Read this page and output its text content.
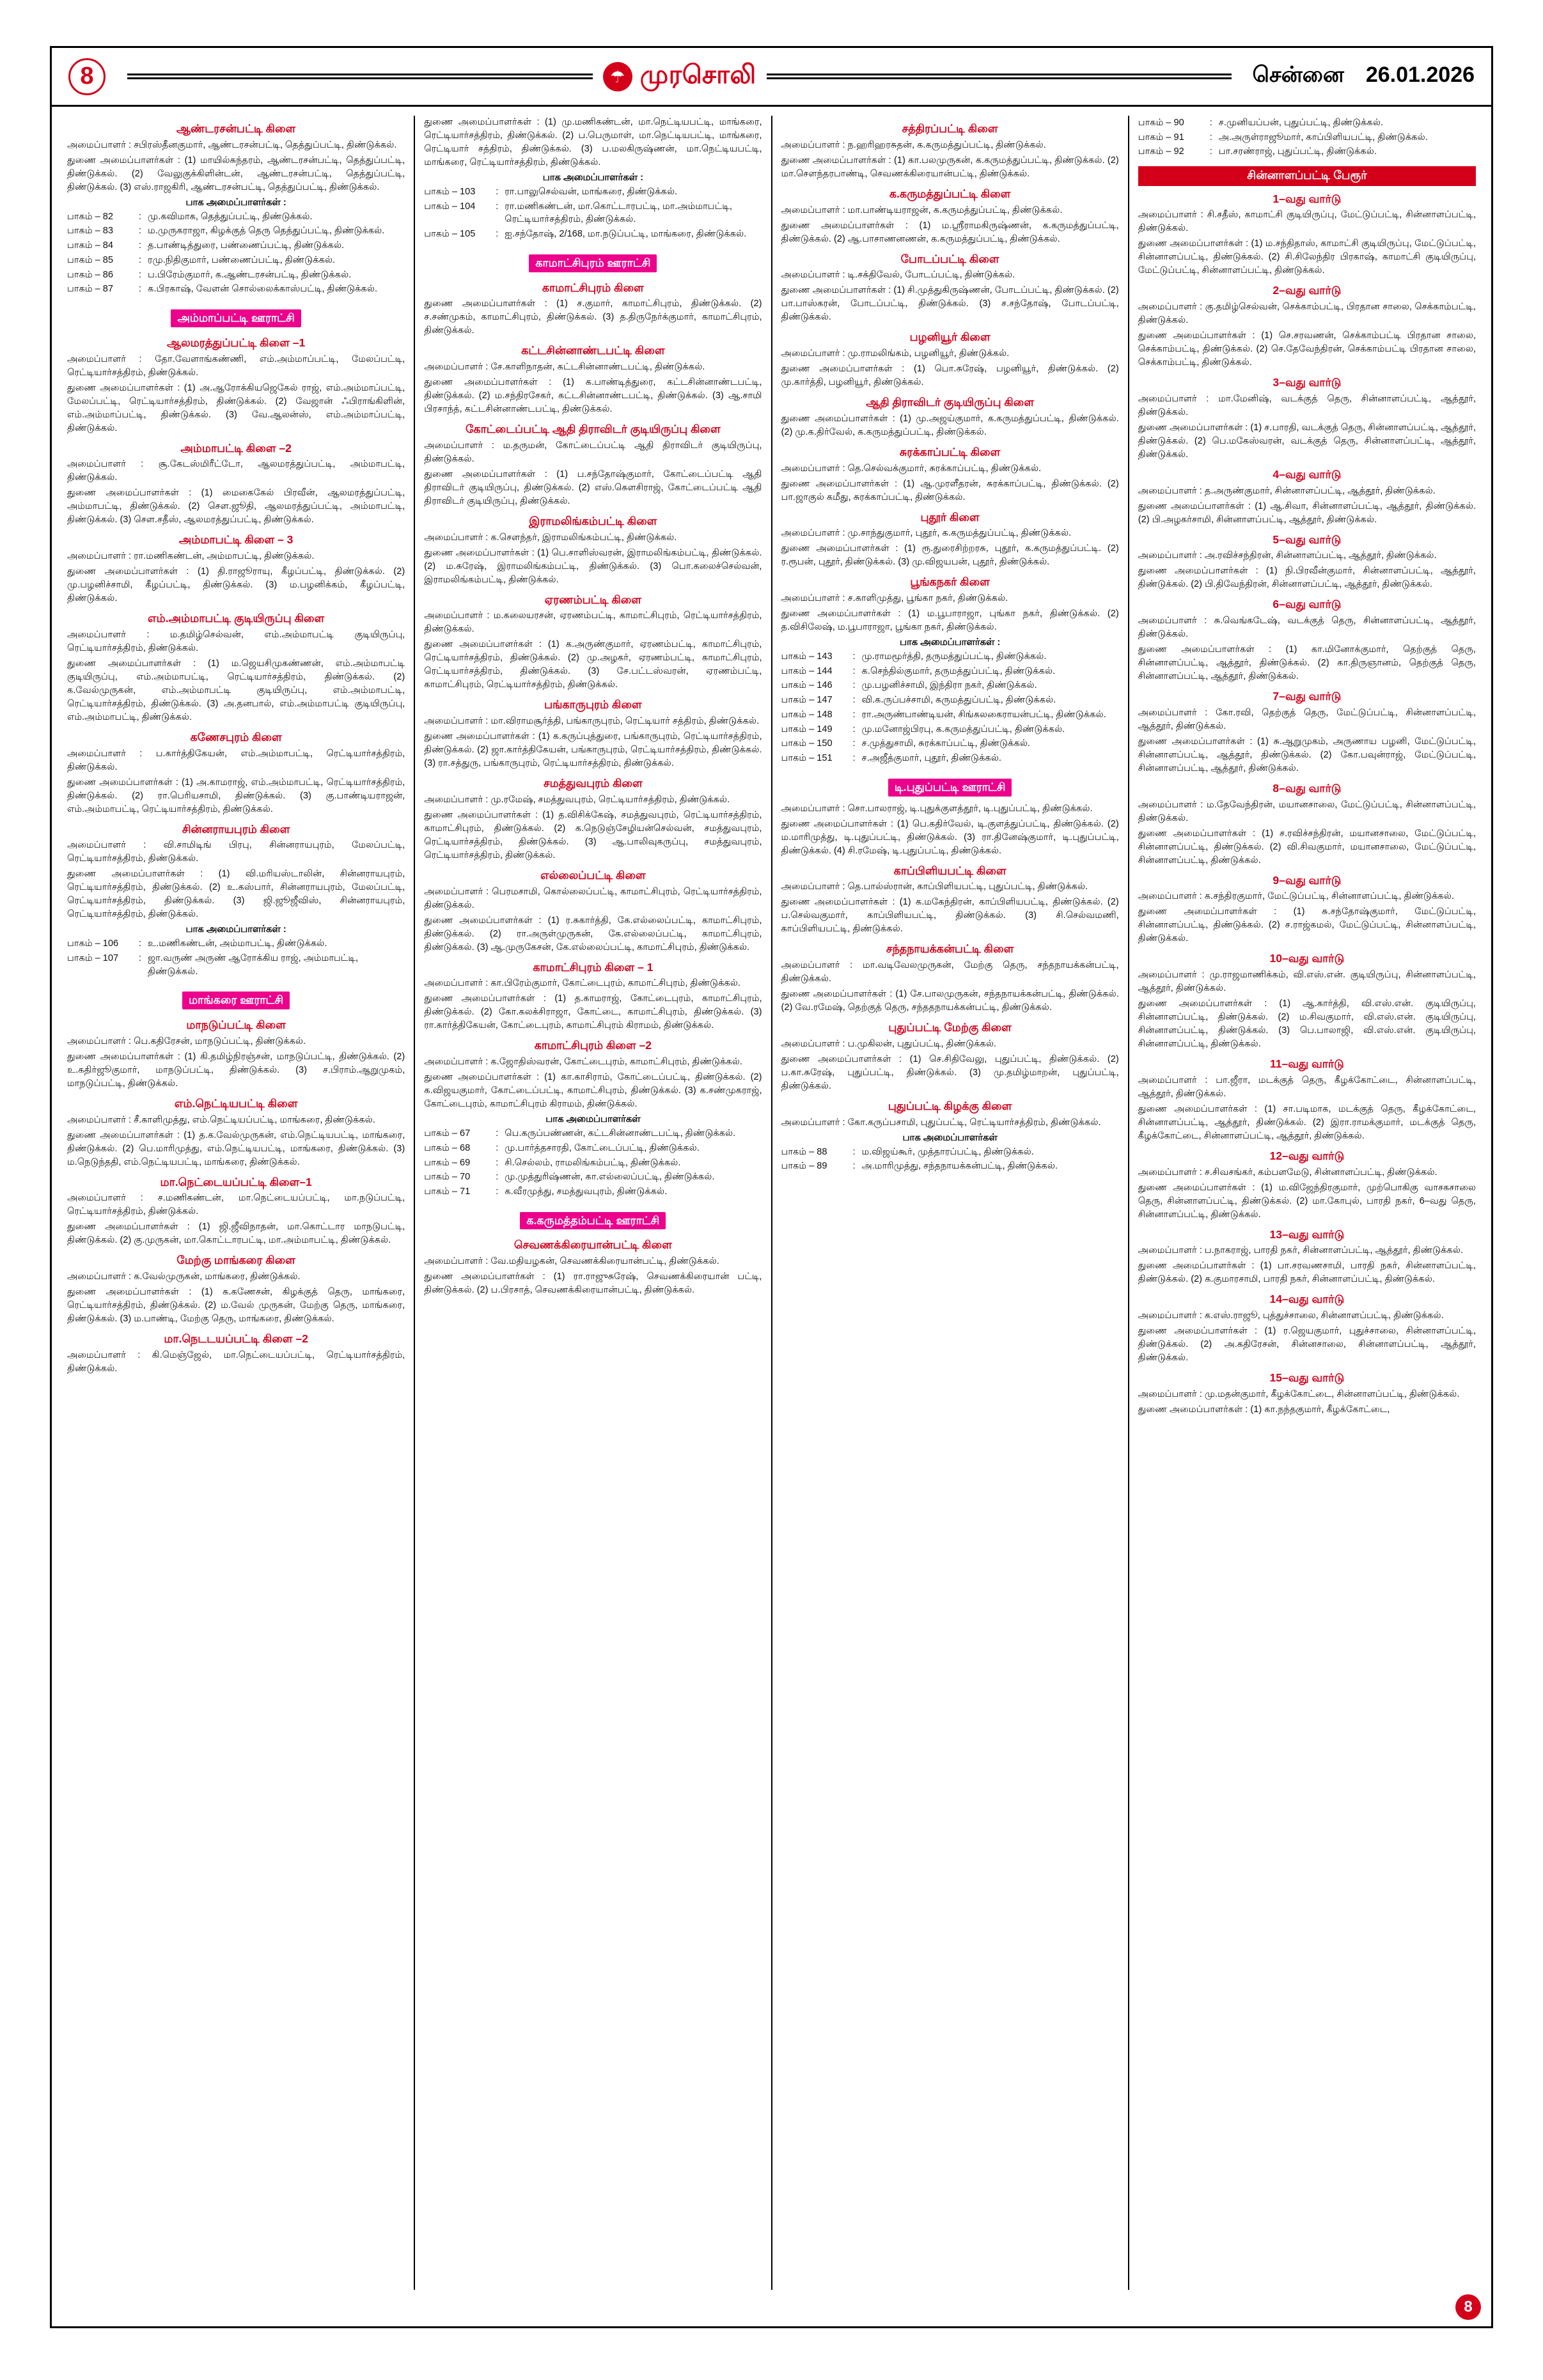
8	☂ முரசொலி	சென்னை 26.01.2026
ஆண்டரசன்பட்டி கிளை

அமைப்பாளர் : சபிரஸ்தீனகுமார், ஆண்டரசன்பட்டி, தெத்துப்பட்டி, திண்டுக்கல்.

துணை அமைப்பாளர்கள் : (1) மாயில்சுந்தரம், ஆண்டரசன்பட்டி, தெத்துப்பட்டி, திண்டுக்கல். (2) வேலுகுக்கிளின்டன், ஆண்டரசன்பட்டி, தெத்துப்பட்டி, திண்டுக்கல். (3) எஸ்.ராஜகிரி, ஆண்டரசன்பட்டி, தெத்துப்பட்டி, திண்டுக்கல்.

பாக அமைப்பாளர்கள் :
பாகம் – 82	:	மு.கவிமாக, தெத்துப்பட்டி, திண்டுக்கல்.
பாகம் – 83	:	ம.முருகராஜா, கிழக்குத் தெரு தெத்துப்பட்டி, திண்டுக்கல்.
பாகம் – 84	:	த.பாண்டித்துரை, பண்ணைப்பட்டி, திண்டுக்கல்.
பாகம் – 85	:	ரமு.நிதிகுமார், பண்ணைப்பட்டி, திண்டுக்கல்.
பாகம் – 86	:	ப.பிரேம்குமார், க.ஆண்டரசன்பட்டி, திண்டுக்கல்.
பாகம் – 87	:	க.பிரகாஷ், வேளன் சொல்லைக்காஸ்பட்டி, திண்டுக்கல்.
அம்மாப்பட்டி ஊராட்சி
ஆலமரத்துப்பட்டி கிளை –1

அமைப்பாளர் : தோ.வேளாங்கண்ணி, எம்.அம்மாப்பட்டி, மேலப்பட்டி, ரெட்டியார்சத்திரம், திண்டுக்கல்.

துணை அமைப்பாளர்கள் : (1) அ.ஆரோக்கியஜெகேல் ராஜ், எம்.அம்மாப்பட்டி, மேலப்பட்டி, ரெட்டியார்சத்திரம், திண்டுக்கல். (2) வேஜான் ஃபிராங்கிளின், எம்.அம்மாப்பட்டி, திண்டுக்கல். (3) வே.ஆலன்ஸ், எம்.அம்மாப்பட்டி, திண்டுக்கல்.

அம்மாபட்டி கிளை –2

அமைப்பாளர் : சூ.கேடஸ்மிரீட்டோ, ஆலமரத்துப்பட்டி, அம்மாபட்டி, திண்டுக்கல்.

துணை அமைப்பாளர்கள் : (1) மைகைகேல் பிரவீன், ஆலமரத்துப்பட்டி, அம்மாபட்டி, திண்டுக்கல். (2) சௌ.ஜூதி, ஆலமரத்துப்பட்டி, அம்மாபட்டி, திண்டுக்கல். (3) சௌ.சதீஸ், ஆலமரத்துப்பட்டி, திண்டுக்கல்.

அம்மாபட்டி கிளை – 3

அமைப்பாளர் : ரா.மணிகண்டன், அம்மாபட்டி, திண்டுக்கல்.

துணை அமைப்பாளர்கள் : (1) தி.ராஜூராயு, கீழப்பட்டி, திண்டுக்கல். (2) மு.பழனிச்சாமி, கீழப்பட்டி, திண்டுக்கல். (3) ம.பழனிக்கம், கீழப்பட்டி, திண்டுக்கல்.

எம்.அம்மாபட்டி குடியிருப்பு கிளை

அமைப்பாளர் : ம.தமிழ்செல்வன், எம்.அம்மாபட்டி குடியிருப்பு, ரெட்டியார்சத்திரம், திண்டுக்கல்.

துணை அமைப்பாளர்கள் : (1) ம.ஜெயசிமுகண்ணன், எம்.அம்மாபட்டி குடியிருப்பு, எம்.அம்மாபட்டி, ரெட்டியார்சத்திரம், திண்டுக்கல். (2) க.வேல்முருகன், எம்.அம்மாபட்டி குடியிருப்பு, எம்.அம்மாபட்டி, ரெட்டியார்சத்திரம், திண்டுக்கல். (3) அ.தனபால், எம்.அம்மாபட்டி குடியிருப்பு, எம்.அம்மாபட்டி, திண்டுக்கல்.

கணேசபுரம் கிளை

அமைப்பாளர் : ப.கார்த்திகேயன், எம்.அம்மாபட்டி, ரெட்டியார்சத்திரம், திண்டுக்கல்.

துணை அமைப்பாளர்கள் : (1) அ.காமராஜ், எம்.அம்மாபட்டி, ரெட்டியார்சத்திரம், திண்டுக்கல். (2) ரா.பெரியசாமி, திண்டுக்கல். (3) கு.பாண்டியராஜன், எம்.அம்மாபட்டி, ரெட்டியார்சத்திரம், திண்டுக்கல்.

சின்னராயபுரம் கிளை

அமைப்பாளர் : வி.சாமிடிங் பிரபு, சின்னராயபுரம், மேலப்பட்டி, ரெட்டியார்சத்திரம், திண்டுக்கல்.

துணை அமைப்பாளர்கள் : (1) வி.மரியஸ்டாலின், சின்னராயபுரம், ரெட்டியார்சத்திரம், திண்டுக்கல். (2) உ.கஸ்பார், சின்னராயபுரம், மேலப்பட்டி, ரெட்டியார்சத்திரம், திண்டுக்கல். (3) ஜி.ஜூஜீவிஸ், சின்னராயபுரம், ரெட்டியார்சத்திரம், திண்டுக்கல்.

பாக அமைப்பாளர்கள் :
பாகம் – 106	:	உ.மணிகண்டன், அம்மாபட்டி, திண்டுக்கல்.
பாகம் – 107	:	ஜா.வருண் அருண் ஆரோக்கிய ராஜ், அம்மாபட்டி, திண்டுக்கல்.
மாங்கரை ஊராட்சி
மாநடுப்பட்டி கிளை

அமைப்பாளர் : பெ.கதிரேசன், மாநடுப்பட்டி, திண்டுக்கல்.

துணை அமைப்பாளர்கள் : (1) கி.தமிழ்நிரஞ்சன், மாநடுப்பட்டி, திண்டுக்கல். (2) உ.கதிர்ஜூகுமார், மாநடுப்பட்டி, திண்டுக்கல். (3) ச.பிராம்.ஆறுமுகம், மாநடுப்பட்டி, திண்டுக்கல்.

எம்.நெட்டியபட்டி கிளை

அமைப்பாளர் : சீ.காளிமுத்து, எம்.நெட்டியப்பட்டி, மாங்கரை, திண்டுக்கல்.

துணை அமைப்பாளர்கள் : (1) த.க.வேல்முருகன், எம்.நெட்டியபட்டி, மாங்கரை, திண்டுக்கல். (2) பெ.மாரிமுத்து, எம்.நெட்டியபட்டி, மாங்கரை, திண்டுக்கல். (3) ம.நெடுந்ததி, எம்.நெட்டியபட்டி, மாங்கரை, திண்டுக்கல்.

மா.நெட்டையப்பட்டி கிளை–1

அமைப்பாளர் : ச.மணிகண்டன், மா.நெட்டையப்பட்டி, மா.நடுப்பட்டி, ரெட்டியார்சத்திரம், திண்டுக்கல்.

துணை அமைப்பாளர்கள் : (1) ஜி.ஜீவிநாதன், மா.கொட்டார மாநடுபட்டி, திண்டுக்கல். (2) கு.முருகன், மா.கொட்டாரபட்டி, மா.அம்மாபட்டி, திண்டுக்கல்.

மேற்கு மாங்கரை கிளை

அமைப்பாளர் : க.வேல்முருகன், மாங்கரை, திண்டுக்கல்.

துணை அமைப்பாளர்கள் : (1) க.கணேசன், கிழக்குத் தெரு, மாங்கரை, ரெட்டியார்சத்திரம், திண்டுக்கல். (2) ம.வேல் முருகன், மேற்கு தெரு, மாங்கரை, திண்டுக்கல். (3) ம.பாண்டி, மேற்கு தெரு, மாங்கரை, திண்டுக்கல்.

மா.நெடடயப்பட்டி கிளை –2

அமைப்பாளர் : கி.மெஞ்ஜேல், மா.நெட்டையப்பட்டி, ரெட்டியார்சத்திரம், திண்டுக்கல்.

துணை அமைப்பாளர்கள் : (1) மு.மணிகண்டன், மா.நெட்டியபட்டி, மாங்கரை, ரெட்டியார்சத்திரம், திண்டுக்கல். (2) ப.பெருமாள், மா.நெட்டியபட்டி, மாங்கரை, ரெட்டியார் சத்திரம், திண்டுக்கல். (3) ப.மலகிருஷ்ணன், மா.நெட்டியபட்டி, மாங்கரை, ரெட்டியார்சத்திரம், திண்டுக்கல்.

பாக அமைப்பாளர்கள் :
பாகம் – 103	:	ரா.பாலுசெல்வன், மாங்கரை, திண்டுக்கல்.
பாகம் – 104	:	ரா.மணிகண்டன், மா.கொட்டாரபட்டி, மா.அம்மாபட்டி, ரெட்டியார்சத்திரம், திண்டுக்கல்.
பாகம் – 105	:	ஐ.சந்தோஷ், 2/168, மா.நடுப்பட்டி, மாங்கரை, திண்டுக்கல்.
காமாட்சிபுரம் ஊராட்சி
காமாட்சிபுரம் கிளை

துணை அமைப்பாளர்கள் : (1) ச.குமார், காமாட்சிபுரம், திண்டுக்கல். (2) ச.சண்முகம், காமாட்சிபுரம், திண்டுக்கல். (3) த.திருநேர்க்குமார், காமாட்சிபுரம், திண்டுக்கல்.

கட்டசின்னாண்டபட்டி கிளை

அமைப்பாளர் : சே.காளிநாதன், கட்டசின்னாண்டபட்டி, திண்டுக்கல்.

துணை அமைப்பாளர்கள் : (1) க.பாண்டித்துரை, கட்டசின்னாண்டபட்டி, திண்டுக்கல். (2) ம.சந்திரசேகர், கட்டசின்னாண்டபட்டி, திண்டுக்கல். (3) ஆ.சாமி பிரசாந்த், கட்டசின்னாண்டபட்டி, திண்டுக்கல்.

கோட்டைப்பட்டி ஆதி திராவிடர் குடியிருப்பு கிளை

அமைப்பாளர் : ம.தருமன், கோட்டைப்பட்டி ஆதி திராவிடர் குடியிருப்பு, திண்டுக்கல்.

துணை அமைப்பாளர்கள் : (1) ப.சந்தோஷ்குமார், கோட்டைப்பட்டி ஆதி திராவிடர் குடியிருப்பு, திண்டுக்கல். (2) எஸ்.கௌசிராஜ், கோட்டைப்பட்டி ஆதி திராவிடர் குடியிருப்பு, திண்டுக்கல்.

இராமலிங்கம்பட்டி கிளை

அமைப்பாளர் : க.சௌந்தர், இராமலிங்கம்பட்டி, திண்டுக்கல்.

துணை அமைப்பாளர்கள் : (1) பெ.சாளிஸ்வரன், இராமலிங்கம்பட்டி, திண்டுக்கல். (2) ம.சுரேஷ், இராமலிங்கம்பட்டி, திண்டுக்கல். (3) பொ.கலைச்செல்வன், இராமலிங்கம்பட்டி, திண்டுக்கல்.

ஏரணம்பட்டி கிளை

அமைப்பாளர் : ம.கலையரசன், ஏரணம்பட்டி, காமாட்சிபுரம், ரெட்டியார்சத்திரம், திண்டுக்கல்.

துணை அமைப்பாளர்கள் : (1) க.அருண்குமார், ஏரணம்பட்டி, காமாட்சிபுரம், ரெட்டியார்சத்திரம், திண்டுக்கல். (2) மு.அழகர், ஏரணம்பட்டி, காமாட்சிபுரம், ரெட்டியார்சத்திரம், திண்டுக்கல். (3) சே.பட்டஸ்வரன், ஏரணம்பட்டி, காமாட்சிபுரம், ரெட்டியார்சத்திரம், திண்டுக்கல்.

பங்காருபுரம் கிளை

அமைப்பாளர் : மா.விராமசூர்த்தி, பங்காருபுரம், ரெட்டியார் சத்திரம், திண்டுக்கல்.

துணை அமைப்பாளர்கள் : (1) க.கருப்புத்துரை, பங்காருபுரம், ரெட்டியார்சத்திரம், திண்டுக்கல். (2) ஜா.கார்த்திகேயன், பங்காருபுரம், ரெட்டியார்சத்திரம், திண்டுக்கல். (3) ரா.சத்துரு, பங்காருபுரம், ரெட்டியார்சத்திரம், திண்டுக்கல்.

சமத்துவபுரம் கிளை

அமைப்பாளர் : மு.ரமேஷ், சமத்துவபுரம், ரெட்டியார்சத்திரம், திண்டுக்கல்.

துணை அமைப்பாளர்கள் : (1) த.விசிக்கேஷ், சமத்துவபுரம், ரெட்டியார்சத்திரம், காமாட்சிபுரம், திண்டுக்கல். (2) க.நெடுஞ்சேழியன்செல்வன், சமத்துவபுரம், ரெட்டியார்சத்திரம், திண்டுக்கல். (3) ஆ.பாலிவுகருப்பு, சமத்துவபுரம், ரெட்டியார்சத்திரம், திண்டுக்கல்.

எல்லைப்பட்டி கிளை

அமைப்பாளர் : பெரமசாமி, கொல்லைப்பட்டி, காமாட்சிபுரம், ரெட்டியார்சத்திரம், திண்டுக்கல்.

துணை அமைப்பாளர்கள் : (1) ர.சுகார்த்தி, கே.எல்லைப்பட்டி, காமாட்சிபுரம், திண்டுக்கல். (2) ரா.அருள்முருகன், கே.எல்லைப்பட்டி, காமாட்சிபுரம், திண்டுக்கல். (3) ஆ.முருகேசன், கே.எல்லைப்பட்டி, காமாட்சிபுரம், திண்டுக்கல்.

காமாட்சிபுரம் கிளை – 1

அமைப்பாளர் : கா.பிரேம்குமார், கோட்டைபுரம், காமாட்சிபுரம், திண்டுக்கல்.

துணை அமைப்பாளர்கள் : (1) த.காமராஜ், கோட்டைபுரம், காமாட்சிபுரம், திண்டுக்கல். (2) கோ.கலக்சிராஜா, கோட்டை, காமாட்சிபுரம், திண்டுக்கல். (3) ரா.கார்த்திகேயன், கோட்டைபுரம், காமாட்சிபுரம் கிராமம், திண்டுக்கல்.

காமாட்சிபுரம் கிளை –2

அமைப்பாளர் : க.ஜோதிஸ்வரன், கோட்டைபுரம், காமாட்சிபுரம், திண்டுக்கல்.

துணை அமைப்பாளர்கள் : (1) கா.காசிராம், கோட்டைப்பட்டி, திண்டுக்கல். (2) க.விஜயகுமார், கோட்டைப்பட்டி, காமாட்சிபுரம், திண்டுக்கல். (3) க.சண்முகராஜ், கோட்டைபுரம், காமாட்சிபுரம் கிராமம், திண்டுக்கல்.

பாக அமைப்பாளர்கள்
பாகம் – 67	:	பெ.கருப்பண்ணன், கட்டசின்னாண்டபட்டி, திண்டுக்கல்.
பாகம் – 68	:	மு.பார்த்தசாரதி, கோட்டைப்பட்டி, திண்டுக்கல்.
பாகம் – 69	:	சி.செல்லம், ராமலிங்கம்பட்டி, திண்டுக்கல்.
பாகம் – 70	:	மு.முத்துரிஷ்ணன், கா.எல்லைப்பட்டி, திண்டுக்கல்.
பாகம் – 71	:	க.வீரமுத்து, சமத்துவபுரம், திண்டுக்கல்.
க.கருமத்தம்பட்டி ஊராட்சி
செவணக்கிரையான்பட்டி கிளை

அமைப்பாளர் : வே.மதியழகன், செவணக்கிரையான்பட்டி, திண்டுக்கல்.

துணை அமைப்பாளர்கள் : (1) ரா.ராஜுசுரேஷ், செவணக்கிரையான் பட்டி, திண்டுக்கல். (2) ப.பிரசாத், செவணக்கிரையான்பட்டி, திண்டுக்கல்.

சத்திரப்பட்டி கிளை

அமைப்பாளர் : ந.ஹரிஹரசுதன், க.கருமத்துப்பட்டி, திண்டுக்கல்.

துணை அமைப்பாளர்கள் : (1) கா.பலமுருகன், க.கருமத்துப்பட்டி, திண்டுக்கல். (2) மா.சௌந்தரபாண்டி, செவணக்கிரையான்பட்டி, திண்டுக்கல்.

க.கருமத்துப்பட்டி கிளை

அமைப்பாளர் : மா.பாண்டியராஜன், க.கருமத்துப்பட்டி, திண்டுக்கல்.

துணை அமைப்பாளர்கள் : (1) ம.ஸ்ரீராமகிருஷ்ணன், க.கருமத்துப்பட்டி, திண்டுக்கல். (2) ஆ.பாசாணனணன், க.கருமத்துப்பட்டி, திண்டுக்கல்.

போடப்பட்டி கிளை

அமைப்பாளர் : டி.சக்திவேல், போடப்பட்டி, திண்டுக்கல்.

துணை அமைப்பாளர்கள் : (1) சி.முத்துகிருஷ்ணன், போடப்பட்டி, திண்டுக்கல். (2) பா.பாஸ்கரன், போடப்பட்டி, திண்டுக்கல். (3) ச.சந்தோஷ், போடப்பட்டி, திண்டுக்கல்.

பழனியூர் கிளை

அமைப்பாளர் : மு.ராமலிங்கம், பழனியூர், திண்டுக்கல்.

துணை அமைப்பாளர்கள் : (1) பொ.சுரேஷ், பழனியூர், திண்டுக்கல். (2) மு.கார்த்தி, பழனியூர், திண்டுக்கல்.

ஆதி திராவிடர் குடியிருப்பு கிளை

துணை அமைப்பாளர்கள் : (1) மு.அஜய்குமார், க.கருமத்துப்பட்டி, திண்டுக்கல். (2) மு.க.திர்வேல், க.கருமத்துப்பட்டி, திண்டுக்கல்.

சுரக்காப்பட்டி கிளை

அமைப்பாளர் : தெ.செல்வக்குமார், சுரக்காப்பட்டி, திண்டுக்கல்.

துணை அமைப்பாளர்கள் : (1) ஆ.முரளீதரன், சுரக்காப்பட்டி, திண்டுக்கல். (2) பா.ஜாகுல் கமீது, சுரக்காப்பட்டி, திண்டுக்கல்.

புதூர் கிளை

அமைப்பாளர் : மு.சாந்துகுமார், புதூர், க.கருமத்துப்பட்டி, திண்டுக்கல்.

துணை அமைப்பாளர்கள் : (1) ரூ.துரைசிற்றரசு, புதூர், க.கருமத்துப்பட்டி. (2) ர.ரூபன், புதூர், திண்டுக்கல். (3) மு.விஜயபன், புதூர், திண்டுக்கல்.

பூங்கநகர் கிளை

அமைப்பாளர் : ச.காளிமுத்து, பூங்கா நகர், திண்டுக்கல்.

துணை அமைப்பாளர்கள் : (1) ம.பூபாராஜா, புங்கா நகர், திண்டுக்கல். (2) த.விசிலேஷ், ம.பூபாராஜா, பூங்கா நகர், திண்டுக்கல்.

பாக அமைப்பாளர்கள் :
பாகம் – 143	:	மு.ராமமூர்த்தி, தருமத்துப்பட்டி, திண்டுக்கல்.
பாகம் – 144	:	க.செந்தில்குமார், தருமத்துப்பட்டி, திண்டுக்கல்.
பாகம் – 146	:	மு.பழனிச்சாமி, இந்திரா நகர், திண்டுக்கல்.
பாகம் – 147	:	வி.க.ருப்பச்சாமி, கருமத்துப்பட்டி, திண்டுக்கல்.
பாகம் – 148	:	ரா.அருண்பாண்டியன், சிங்கலகைராயன்பட்டி, திண்டுக்கல்.
பாகம் – 149	:	மு.மனோஜ்பிரபு, க.கருமத்துப்பட்டி, திண்டுக்கல்.
பாகம் – 150	:	ச.முத்துசாமி, சுரக்காப்பட்டி, திண்டுக்கல்.
பாகம் – 151	:	ச.அஜீத்குமார், புதூர், திண்டுக்கல்.
டி.புதுப்பட்டி ஊராட்சி

அமைப்பாளர் : சொ.பாலராஜ், டி.புதுக்குளத்தூர், டி.புதுப்பட்டி, திண்டுக்கல்.

துணை அமைப்பாளர்கள் : (1) பெ.கதிர்வேல், டி.குளத்துப்பட்டி, திண்டுக்கல். (2) ம.மாரிமுத்து, டி.புதுப்பட்டி, திண்டுக்கல். (3) ரா.தினேஷ்குமார், டி.புதுப்பட்டி, திண்டுக்கல். (4) சி.ரமேஷ், டி.புதுப்பட்டி, திண்டுக்கல்.

காப்பிளியபட்டி கிளை

அமைப்பாளர் : தெ.பால்ஸ்ரான், காப்பிளியபட்டி, புதுப்பட்டி, திண்டுக்கல்.

துணை அமைப்பாளர்கள் : (1) க.மகேந்திரன், காப்பிளியபட்டி, திண்டுக்கல். (2) ப.செல்வகுமார், காப்பிளியபட்டி, திண்டுக்கல். (3) சி.செல்வமணி, காப்பிளியபட்டி, திண்டுக்கல்.

சந்தநாயக்கன்பட்டி கிளை

அமைப்பாளர் : மா.வடிவேலமுருகன், மேற்கு தெரு, சந்தநாயக்கன்பட்டி, திண்டுக்கல்.

துணை அமைப்பாளர்கள் : (1) சே.பாலமுருகன், சந்தநாயக்கன்பட்டி, திண்டுக்கல். (2) வே.ரமேஷ், தெற்குத் தெரு, சந்ததநாயக்கன்பட்டி, திண்டுக்கல்.

புதுப்பட்டி மேற்கு கிளை

அமைப்பாளர் : ப.முகிலன், புதுப்பட்டி, திண்டுக்கல்.

துணை அமைப்பாளர்கள் : (1) செ.சிதிவேலு, புதுப்பட்டி, திண்டுக்கல். (2) ப.கா.சுரேஷ், புதுப்பட்டி, திண்டுக்கல். (3) மு.தமிழ்மாறன், புதுப்பட்டி, திண்டுக்கல்.

புதுப்பட்டி கிழக்கு கிளை

அமைப்பாளர் : கோ.கருப்பசாமி, புதுப்பட்டி, ரெட்டியார்சத்திரம், திண்டுக்கல்.

பாக அமைப்பாளர்கள்
பாகம் – 88	:	ம.விஜய்கூர், முத்தாரப்பட்டி, திண்டுக்கல்.
பாகம் – 89	:	அ.மாரிமுத்து, சந்தநாயக்கன்பட்டி, திண்டுக்கல்.
பாகம் – 90	:	ச.முனியப்பன், புதுப்பட்டி, திண்டுக்கல்.
பாகம் – 91	:	அ.அருள்ராஜூமார், காப்பிளியபட்டி, திண்டுக்கல்.
பாகம் – 92	:	பா.சரண்ராஜ், புதுப்பட்டி, திண்டுக்கல்.
சின்னாளப்பட்டி பேரூர்
1–வது வார்டு

அமைப்பாளர் : சி.சதீஸ், காமாட்சி குடியிருப்பு, மேட்டுப்பட்டி, சின்னாளப்பட்டி, திண்டுக்கல்.

துணை அமைப்பாளர்கள் : (1) ம.சந்திதாஸ், காமாட்சி குடியிருப்பு, மேட்டுப்பட்டி, சின்னாளப்பட்டி, திண்டுக்கல். (2) சி.சிலேந்திர பிரகாஷ், காமாட்சி குடியிருப்பு, மேட்டுப்பட்டி, சின்னாளப்பட்டி, திண்டுக்கல்.

2–வது வார்டு

அமைப்பாளர் : கு.தமிழ்செல்வன், செக்காம்பட்டி, பிரதான சாலை, செக்காம்பட்டி, திண்டுக்கல்.

துணை அமைப்பாளர்கள் : (1) செ.சரவணன், செக்காம்பட்டி பிரதான சாலை, செக்காம்பட்டி, திண்டுக்கல். (2) செ.தேவேந்திரன், செக்காம்பட்டி பிரதான சாலை, செக்காம்பட்டி, திண்டுக்கல்.

3–வது வார்டு

அமைப்பாளர் : மா.மேனிஷ், வடக்குத் தெரு, சின்னாளப்பட்டி, ஆத்தூர், திண்டுக்கல்.

துணை அமைப்பாளர்கள் : (1) ச.பாரதி, வடக்குத் தெரு, சின்னாளப்பட்டி, ஆத்தூர், திண்டுக்கல். (2) பெ.மகேஸ்வரன், வடக்குத் தெரு, சின்னாளப்பட்டி, ஆத்தூர், திண்டுக்கல்.

4–வது வார்டு

அமைப்பாளர் : த.அருண்குமார், சின்னாளப்பட்டி, ஆத்தூர், திண்டுக்கல்.

துணை அமைப்பாளர்கள் : (1) ஆ.சிவா, சின்னாளப்பட்டி, ஆத்தூர், திண்டுக்கல். (2) பி.அழகர்சாமி, சின்னாளப்பட்டி, ஆத்தூர், திண்டுக்கல்.

5–வது வார்டு

அமைப்பாளர் : அ.ரவிச்சந்திரன், சின்னாளப்பட்டி, ஆத்தூர், திண்டுக்கல்.

துணை அமைப்பாளர்கள் : (1) நி.பிரவீன்குமார், சின்னாளப்பட்டி, ஆத்தூர், திண்டுக்கல். (2) பி.திவேந்திரன், சின்னாளப்பட்டி, ஆத்தூர், திண்டுக்கல்.

6–வது வார்டு

அமைப்பாளர் : சு.வெங்கடேஷ், வடக்குத் தெரு, சின்னாளப்பட்டி, ஆத்தூர், திண்டுக்கல்.

துணை அமைப்பாளர்கள் : (1) கா.மினோக்குமார், தெற்குத் தெரு, சின்னாளப்பட்டி, ஆத்தூர், திண்டுக்கல். (2) கா.திருஞானம், தெற்குத் தெரு, சின்னாளப்பட்டி, ஆத்தூர், திண்டுக்கல்.

7–வது வார்டு

அமைப்பாளர் : கோ.ரவி, தெற்குத் தெரு, மேட்டுப்பட்டி, சின்னாளப்பட்டி, ஆத்தூர், திண்டுக்கல்.

துணை அமைப்பாளர்கள் : (1) சு.ஆறுமுகம், அருணாய பழனி, மேட்டுப்பட்டி, சின்னாளப்பட்டி, ஆத்தூர், திண்டுக்கல். (2) கோ.பவுன்ராஜ், மேட்டுப்பட்டி, சின்னாளப்பட்டி, ஆத்தூர், திண்டுக்கல்.

8–வது வார்டு

அமைப்பாளர் : ம.தேவேந்திரன், மயானசாலை, மேட்டுப்பட்டி, சின்னாளப்பட்டி, திண்டுக்கல்.

துணை அமைப்பாளர்கள் : (1) ச.ரவிச்சந்திரன், மயானசாலை, மேட்டுப்பட்டி, சின்னாளப்பட்டி, திண்டுக்கல். (2) வி.சிவகுமார், மயானசாலை, மேட்டுப்பட்டி, சின்னாளப்பட்டி, திண்டுக்கல்.

9–வது வார்டு

அமைப்பாளர் : க.சந்திரகுமார், மேட்டுப்பட்டி, சின்னாளப்பட்டி, திண்டுக்கல்.

துணை அமைப்பாளர்கள் : (1) சு.சந்தோஷ்குமார், மேட்டுப்பட்டி, சின்னாளப்பட்டி, திண்டுக்கல். (2) ச.ராஜ்கமல், மேட்டுப்பட்டி, சின்னாளப்பட்டி, திண்டுக்கல்.

10–வது வார்டு

அமைப்பாளர் : மு.ராஜமாணிக்கம், வி.எஸ்.என். குடியிருப்பு, சின்னாளப்பட்டி, ஆத்தூர், திண்டுக்கல்.

துணை அமைப்பாளர்கள் : (1) ஆ.கார்த்தி, வி.எஸ்.என். குடியிருப்பு, சின்னாளப்பட்டி, திண்டுக்கல். (2) ம.சிவகுமார், வி.எஸ்.என். குடியிருப்பு, சின்னாளப்பட்டி, திண்டுக்கல். (3) பெ.பாலாஜி, வி.எஸ்.என். குடியிருப்பு, சின்னாளப்பட்டி, திண்டுக்கல்.

11–வது வார்டு

அமைப்பாளர் : பா.ஜீரா, மடக்குத் தெரு, கீழக்கோட்டை, சின்னாளப்பட்டி, ஆத்தூர், திண்டுக்கல்.

துணை அமைப்பாளர்கள் : (1) சா.படிமாக, மடக்குத் தெரு, கீழக்கோட்டை, சின்னாளப்பட்டி, ஆத்தூர், திண்டுக்கல். (2) இரா.ராமக்குமார், மடக்குத் தெரு, கீழக்கோட்டை, சின்னாளப்பட்டி, ஆத்தூர், திண்டுக்கல்.

12–வது வார்டு

அமைப்பாளர் : ச.சிவசங்கர், கம்பளமேடு, சின்னாளப்பட்டி, திண்டுக்கல்.

துணை அமைப்பாளர்கள் : (1) ம.விஜேந்திரகுமார், முற்பொகிகு வாசகசாலை தெரு, சின்னாளப்பட்டி, திண்டுக்கல். (2) மா.கோபுல், பாரதி நகர், 6–வது தெரு, சின்னாளப்பட்டி, திண்டுக்கல்.

13–வது வார்டு

அமைப்பாளர் : ப.நாகராஜ், பாரதி நகர், சின்னாளப்பட்டி, ஆத்தூர், திண்டுக்கல்.

துணை அமைப்பாளர்கள் : (1) பா.சரவணசாமி, பாரதி நகர், சின்னாளப்பட்டி, திண்டுக்கல். (2) க.குமாரசாமி, பாரதி நகர், சின்னாளப்பட்டி, திண்டுக்கல்.

14–வது வார்டு

அமைப்பாளர் : க.எஸ்.ராஜூ, புத்துச்சாலை, சின்னாளப்பட்டி, திண்டுக்கல்.

துணை அமைப்பாளர்கள் : (1) ர.ஜெயகுமார், புதுச்சாலை, சின்னாளப்பட்டி, திண்டுக்கல். (2) அ.கதிரேசன், சின்னசாலை, சின்னாளப்பட்டி, ஆத்தூர், திண்டுக்கல்.

15–வது வார்டு

அமைப்பாளர் : மு.மதன்குமார், கீழக்கோட்டை, சின்னாளப்பட்டி, திண்டுக்கல்.

துணை அமைப்பாளர்கள் : (1) கா.நந்தகுமார், கீழக்கோட்டை,

8
